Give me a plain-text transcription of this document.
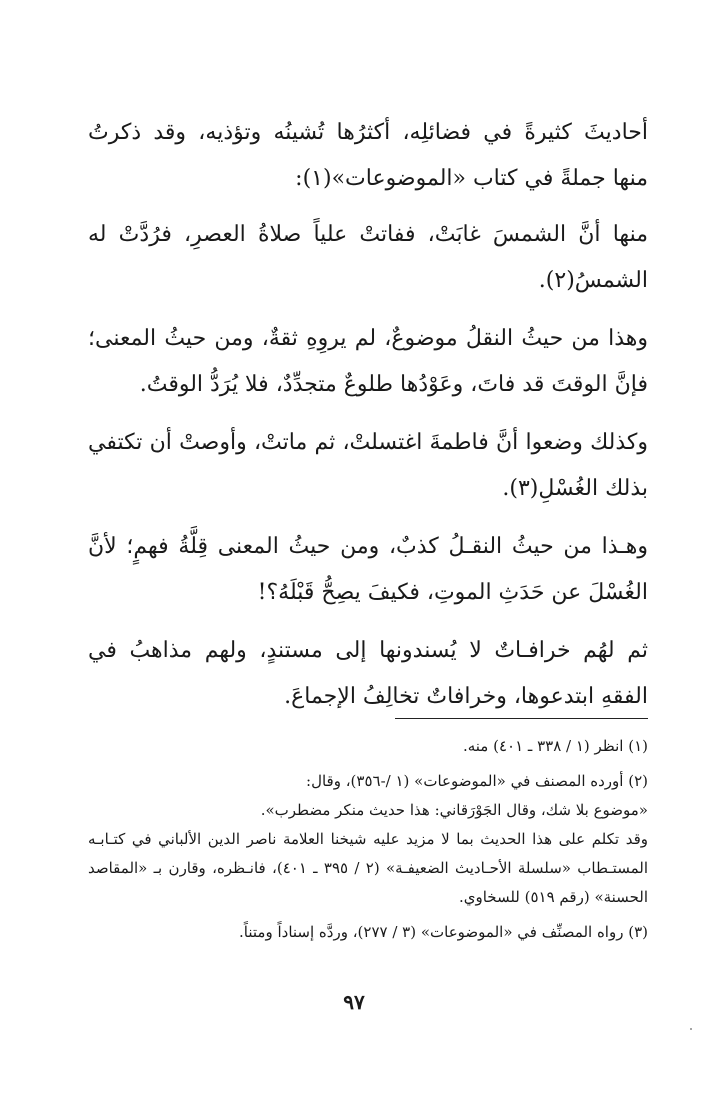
أحاديثَ كثيرةً في فضائلِه، أكثرُها تُشينُه وتؤذيه، وقد ذكرتُ منها جملةً في كتاب «الموضوعات»(١):

منها أنَّ الشمسَ غابَتْ، ففاتتْ علياً صلاةُ العصرِ، فرُدَّتْ له الشمسُ(٢).

وهذا من حيثُ النقلُ موضوعٌ، لم يروِهِ ثقةٌ، ومن حيثُ المعنى؛ فإنَّ الوقتَ قد فاتَ، وعَوْدُها طلوعٌ متجدِّدٌ، فلا يُرَدُّ الوقتُ.

وكذلك وضعوا أنَّ فاطمةَ اغتسلتْ، ثم ماتتْ، وأوصتْ أن تكتفي بذلك الغُسْلِ(٣).

وهـذا من حيثُ النقـلُ كذبٌ، ومن حيثُ المعنى قِلَّةُ فهمٍ؛ لأنَّ الغُسْلَ عن حَدَثِ الموتِ، فكيفَ يصِحُّ قَبْلَهُ؟!

ثم لهُم خرافـاتٌ لا يُسندونها إلى مستندٍ، ولهم مذاهبُ في الفقهِ ابتدعوها، وخرافاتٌ تخالِفُ الإجماعَ.

(١) انظر (١ / ٣٣٨ ـ ٤٠١) منه.

(٢) أورده المصنف في «الموضوعات» (١ /-٣٥٦)، وقال:

«موضوع بلا شك، وقال الجَوْرَقاني: هذا حديث منكر مضطرب».

وقد تكلم على هذا الحديث بما لا مزيد عليه شيخنا العلامة ناصر الدين الألباني في كتـابـه المستـطاب «سلسلة الأحـاديث الضعيفـة» (٢ / ٣٩٥ ـ ٤٠١)، فانـظره، وقارن بـ «المقاصد الحسنة» (رقم ٥١٩) للسخاوي.

(٣) رواه المصنِّف في «الموضوعات» (٣ / ٢٧٧)، وردَّه إسناداً ومتناً.

٩٧
